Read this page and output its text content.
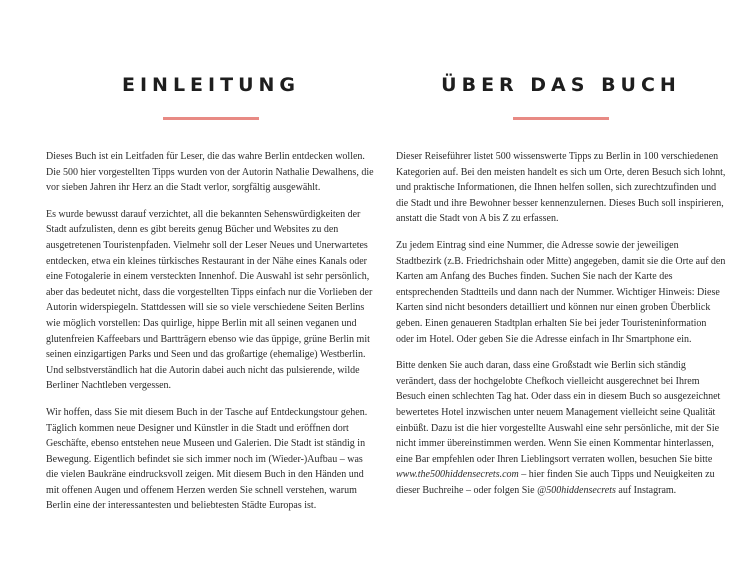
EINLEITUNG

Dieses Buch ist ein Leitfaden für Leser, die das wahre Berlin entdecken wollen. Die 500 hier vorgestellten Tipps wurden von der Autorin Nathalie Dewalhens, die vor sieben Jahren ihr Herz an die Stadt verlor, sorgfältig ausgewählt.

Es wurde bewusst darauf verzichtet, all die bekannten Sehenswürdigkeiten der Stadt aufzulisten, denn es gibt bereits genug Bücher und Websites zu den ausgetretenen Touristenpfaden. Vielmehr soll der Leser Neues und Unerwartetes entdecken, etwa ein kleines türkisches Restaurant in der Nähe eines Kanals oder eine Fotogalerie in einem versteckten Innenhof. Die Auswahl ist sehr persönlich, aber das bedeutet nicht, dass die vorgestellten Tipps einfach nur die Vorlieben der Autorin widerspiegeln. Stattdessen will sie so viele verschiedene Seiten Berlins wie möglich vorstellen: Das quirlige, hippe Berlin mit all seinen veganen und glutenfreien Kaffeebars und Bartträgern ebenso wie das üppige, grüne Berlin mit seinen einzigartigen Parks und Seen und das großartige (ehemalige) Westberlin. Und selbstverständlich hat die Autorin dabei auch nicht das pulsierende, wilde Berliner Nachtleben vergessen.

Wir hoffen, dass Sie mit diesem Buch in der Tasche auf Entdeckungstour gehen. Täglich kommen neue Designer und Künstler in die Stadt und eröffnen dort Geschäfte, ebenso entstehen neue Museen und Galerien. Die Stadt ist ständig in Bewegung. Eigentlich befindet sie sich immer noch im (Wieder-)Aufbau – was die vielen Baukräne eindrucksvoll zeigen. Mit diesem Buch in den Händen und mit offenen Augen und offenem Herzen werden Sie schnell verstehen, warum Berlin eine der interessantesten und beliebtesten Städte Europas ist.

ÜBER DAS BUCH

Dieser Reiseführer listet 500 wissenswerte Tipps zu Berlin in 100 verschiedenen Kategorien auf. Bei den meisten handelt es sich um Orte, deren Besuch sich lohnt, und praktische Informationen, die Ihnen helfen sollen, sich zurechtzufinden und die Stadt und ihre Bewohner besser kennenzulernen. Dieses Buch soll inspirieren, anstatt die Stadt von A bis Z zu erfassen.

Zu jedem Eintrag sind eine Nummer, die Adresse sowie der jeweiligen Stadtbezirk (z.B. Friedrichshain oder Mitte) angegeben, damit sie die Orte auf den Karten am Anfang des Buches finden. Suchen Sie nach der Karte des entsprechenden Stadtteils und dann nach der Nummer. Wichtiger Hinweis: Diese Karten sind nicht besonders detailliert und können nur einen groben Überblick geben. Einen genaueren Stadtplan erhalten Sie bei jeder Touristeninformation oder im Hotel. Oder geben Sie die Adresse einfach in Ihr Smartphone ein.

Bitte denken Sie auch daran, dass eine Großstadt wie Berlin sich ständig verändert, dass der hochgelobte Chefkoch vielleicht ausgerechnet bei Ihrem Besuch einen schlechten Tag hat. Oder dass ein in diesem Buch so ausgezeichnet bewertetes Hotel inzwischen unter neuem Management vielleicht seine Qualität einbüßt. Dazu ist die hier vorgestellte Auswahl eine sehr persönliche, mit der Sie nicht immer übereinstimmen werden. Wenn Sie einen Kommentar hinterlassen, eine Bar empfehlen oder Ihren Lieblingsort verraten wollen, besuchen Sie bitte www.the500hiddensecrets.com – hier finden Sie auch Tipps und Neuigkeiten zu dieser Buchreihe – oder folgen Sie @500hiddensecrets auf Instagram.
